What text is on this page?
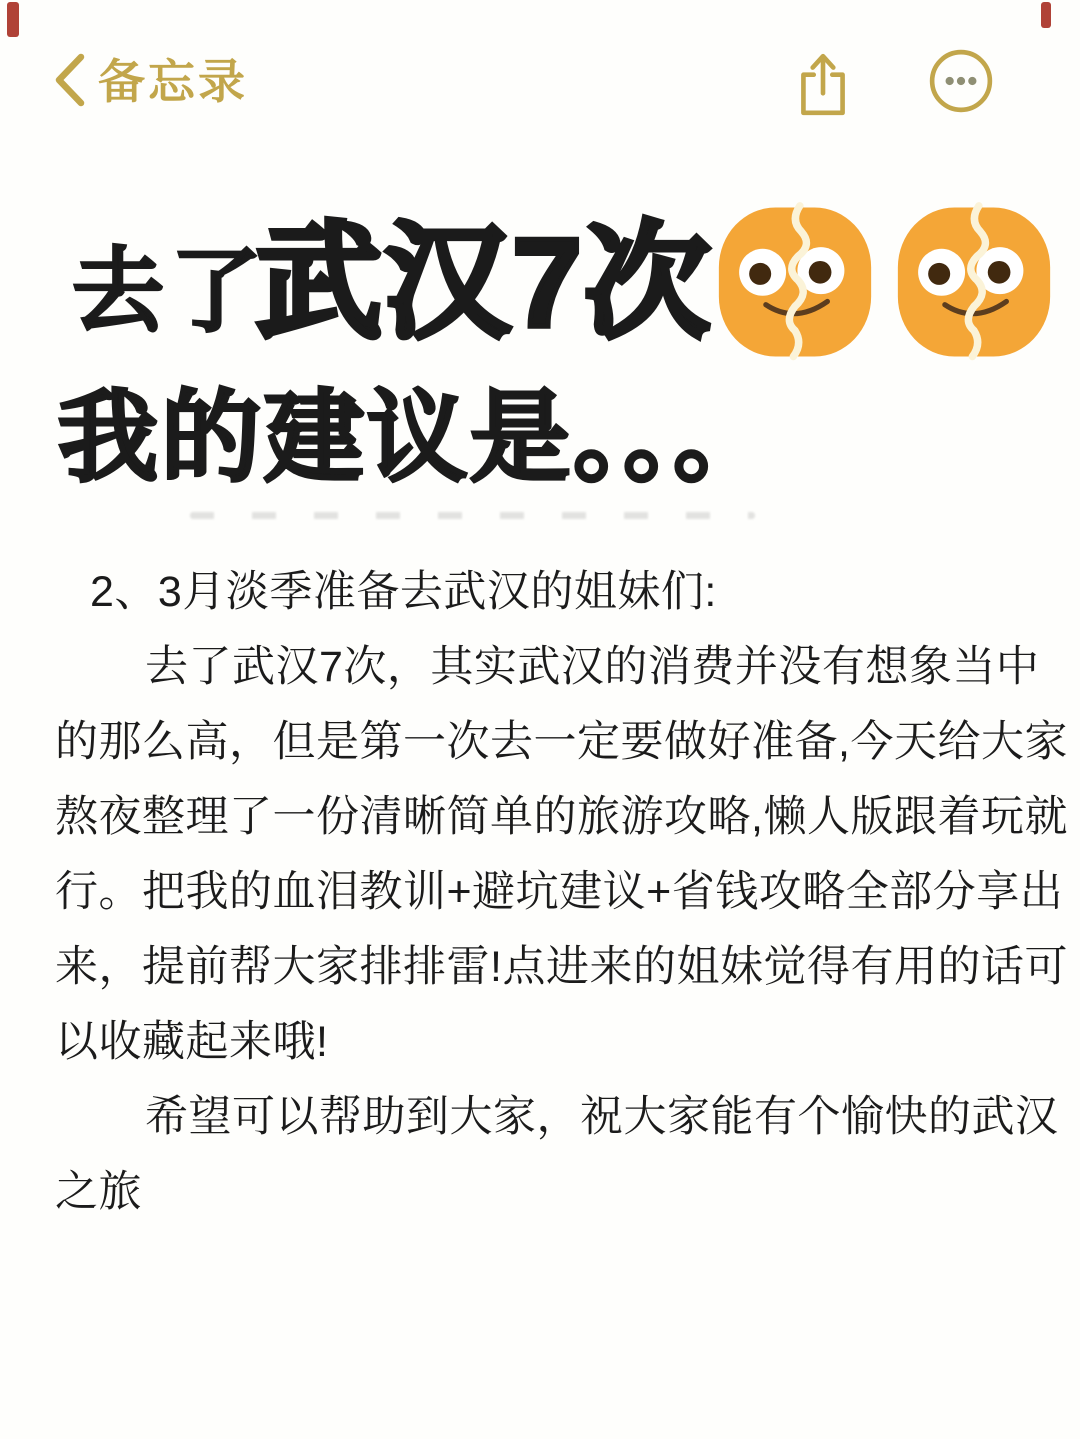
备忘录
去了
武汉7次
我的建议是。。。
2、3月淡季准备去武汉的姐妹们:
去了武汉7次，其实武汉的消费并没有想象当中
的那么高，但是第一次去一定要做好准备,今天给大家
熬夜整理了一份清晰简单的旅游攻略,懒人版跟着玩就
行。把我的血泪教训+避坑建议+省钱攻略全部分享出
来，提前帮大家排排雷!点进来的姐妹觉得有用的话可
以收藏起来哦!
希望可以帮助到大家，祝大家能有个愉快的武汉
之旅
